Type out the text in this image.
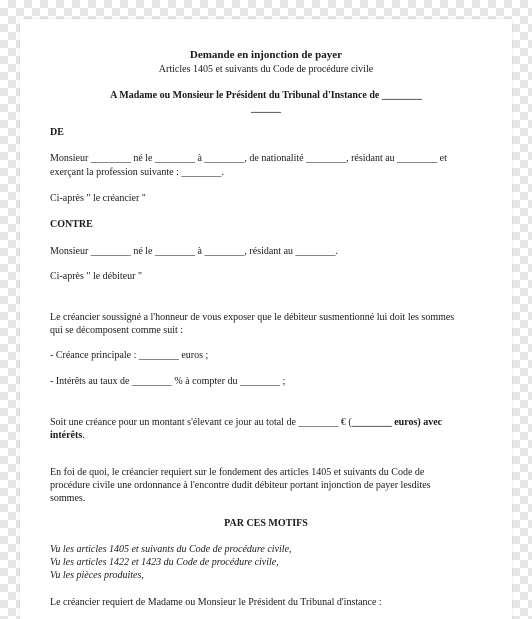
Demande en injonction de payer
Articles 1405 et suivants du Code de procédure civile
A Madame ou Monsieur le Président du Tribunal d'Instance de ________
______
DE
Monsieur ________ né le ________ à ________, de nationalité ________, résidant au ________ et
exerçant la profession suivante : ________.
Ci-après " le créancier "
CONTRE
Monsieur ________ né le ________ à ________, résidant au ________.
Ci-après " le débiteur "
Le créancier soussigné a l'honneur de vous exposer que le débiteur susmentionné lui doit les sommes
qui se décomposent comme suit :
- Créance principale : ________ euros ;
- Intérêts au taux de ________ % à compter du ________ ;
Soit une créance pour un montant s'élevant ce jour au total de ________ € (________ euros) avec
intérêts.
En foi de quoi, le créancier requiert sur le fondement des articles 1405 et suivants du Code de
procédure civile une ordonnance à l'encontre dudit débiteur portant injonction de payer lesdites
sommes.
PAR CES MOTIFS
Vu les articles 1405 et suivants du Code de procédure civile,
Vu les articles 1422 et 1423 du Code de procédure civile,
Vu les pièces produites,
Le créancier requiert de Madame ou Monsieur le Président du Tribunal d'instance :
